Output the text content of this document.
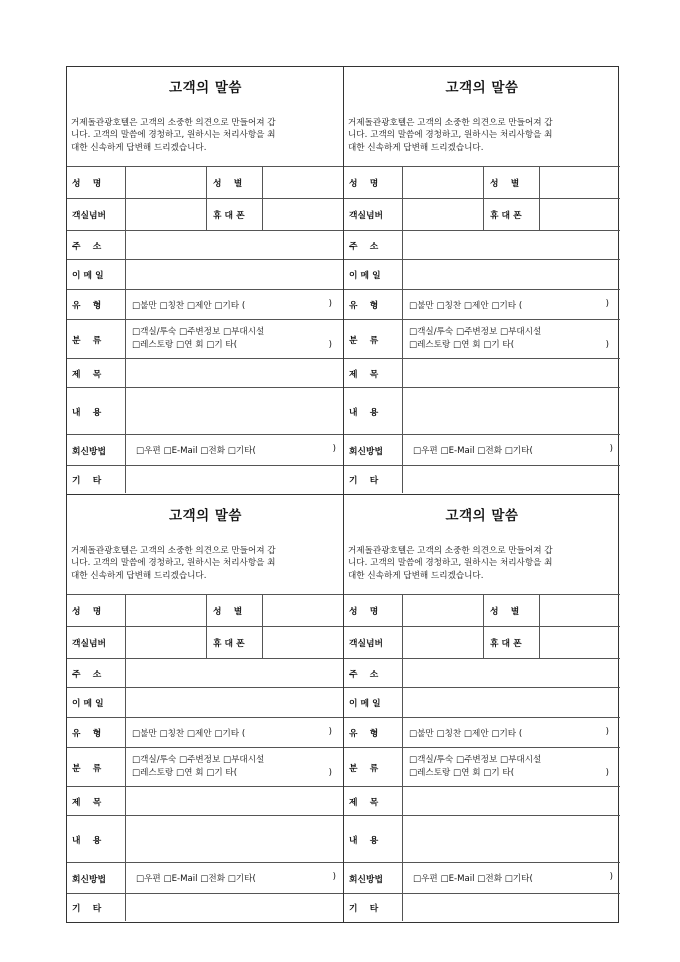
고객의 말씀
거제돌관광호텔은 고객의 소중한 의견으로 만들어져 갑
니다. 고객의 말씀에 경청하고, 원하시는 처리사항을 최
대한 신속하게 답변해 드리겠습니다.
성    명	성    별
객실넘버	휴 대 폰
주    소
이 메 일
유    형	□불만 □칭찬 □제안 □기타 (	)
분    류
□객실/투숙 □주변정보 □부대시설
□레스토랑 □연 회 □기 타(	)
제    목
내    용
회신방법	□우편 □E-Mail □전화 □기타(	)
기    타
고객의 말씀
거제돌관광호텔은 고객의 소중한 의견으로 만들어져 갑
니다. 고객의 말씀에 경청하고, 원하시는 처리사항을 최
대한 신속하게 답변해 드리겠습니다.
성    명	성    별
객실넘버	휴 대 폰
주    소
이 메 일
유    형	□불만 □칭찬 □제안 □기타 (	)
분    류
□객실/투숙 □주변정보 □부대시설
□레스토랑 □연 회 □기 타(	)
제    목
내    용
회신방법	□우편 □E-Mail □전화 □기타(	)
기    타
고객의 말씀
거제돌관광호텔은 고객의 소중한 의견으로 만들어져 갑
니다. 고객의 말씀에 경청하고, 원하시는 처리사항을 최
대한 신속하게 답변해 드리겠습니다.
성    명	성    별
객실넘버	휴 대 폰
주    소
이 메 일
유    형	□불만 □칭찬 □제안 □기타 (	)
분    류
□객실/투숙 □주변정보 □부대시설
□레스토랑 □연 회 □기 타(	)
제    목
내    용
회신방법	□우편 □E-Mail □전화 □기타(	)
기    타
고객의 말씀
거제돌관광호텔은 고객의 소중한 의견으로 만들어져 갑
니다. 고객의 말씀에 경청하고, 원하시는 처리사항을 최
대한 신속하게 답변해 드리겠습니다.
성    명	성    별
객실넘버	휴 대 폰
주    소
이 메 일
유    형	□불만 □칭찬 □제안 □기타 (	)
분    류
□객실/투숙 □주변정보 □부대시설
□레스토랑 □연 회 □기 타(	)
제    목
내    용
회신방법	□우편 □E-Mail □전화 □기타(	)
기    타
